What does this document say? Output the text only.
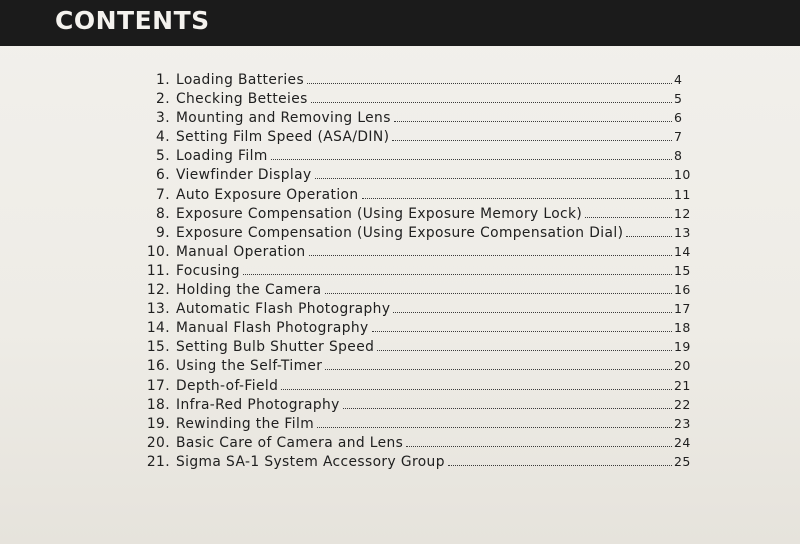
CONTENTS
1. Loading Batteries	4
2. Checking Betteies	5
3. Mounting and Removing Lens	6
4. Setting Film Speed (ASA/DIN)	7
5. Loading Film	8
6. Viewfinder Display	10
7. Auto Exposure Operation	11
8. Exposure Compensation (Using Exposure Memory Lock)	12
9. Exposure Compensation (Using Exposure Compensation Dial)	13
10. Manual Operation	14
11. Focusing	15
12. Holding the Camera	16
13. Automatic Flash Photography	17
14. Manual Flash Photography	18
15. Setting Bulb Shutter Speed	19
16. Using the Self-Timer	20
17. Depth-of-Field	21
18. Infra-Red Photography	22
19. Rewinding the Film	23
20. Basic Care of Camera and Lens	24
21. Sigma SA-1 System Accessory Group	25
